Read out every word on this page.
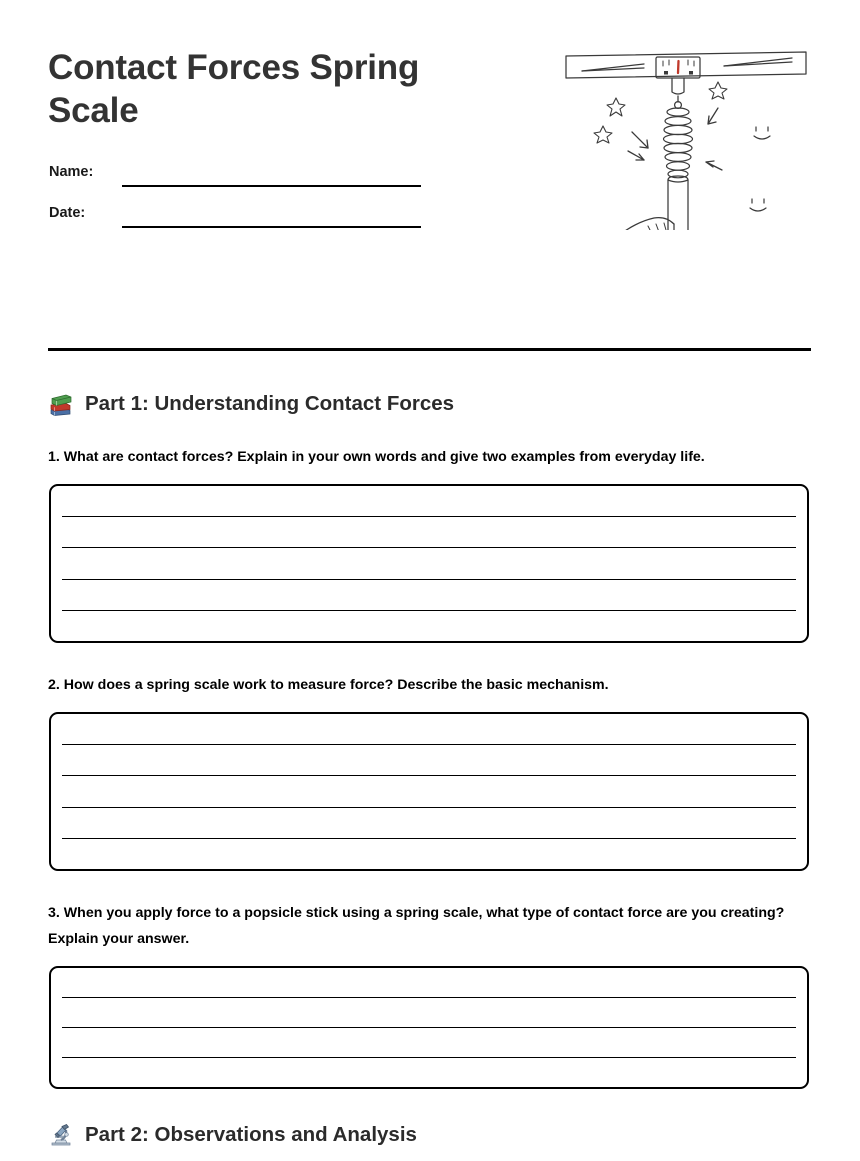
Contact Forces Spring Scale
Name:
Date:
Part 1: Understanding Contact Forces
1. What are contact forces? Explain in your own words and give two examples from everyday life.
2. How does a spring scale work to measure force? Describe the basic mechanism.
3. When you apply force to a popsicle stick using a spring scale, what type of contact force are you creating? Explain your answer.
Part 2: Observations and Analysis
